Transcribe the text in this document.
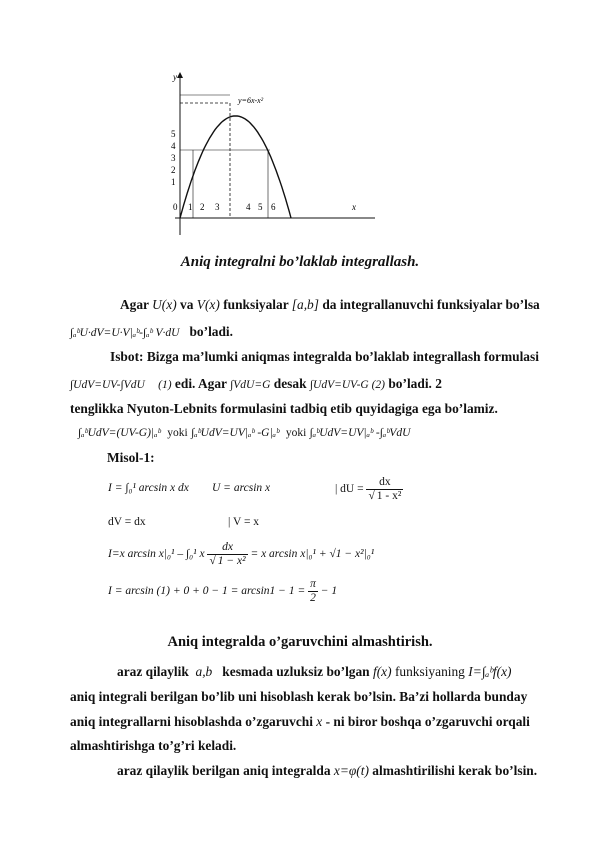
y
x
y=6x-x²
5
4
3
2
1
0 1 2 3	4 5 6
Aniq integralni bo’laklab integrallash.
Agar U(x) va V(x) funksiyalar [a,b] da integrallanuvchi funksiyalar bo’lsa
∫ₐᵇU·dV=U·V|ₐᵇ-∫ₐᵇ V·dU bo’ladi.
Isbot: Bizga ma’lumki aniqmas integralda bo’laklab integrallash formulasi
∫UdV=UV-∫VdU (1) edi. Agar ∫VdU=G desak ∫UdV=UV-G (2) bo’ladi. 2
tenglikka Nyuton-Lebnits formulasini tadbiq etib quyidagiga ega bo’lamiz.
∫ₐᵇUdV=(UV-G)|ₐᵇ yoki ∫ₐᵇUdV=UV|ₐᵇ -G|ₐᵇ yoki ∫ₐᵇUdV=UV|ₐᵇ -∫ₐᵇVdU
Misol-1:
I = ∫₀¹ arcsin x dx U = arcsin x	| dU = $\frac{dx}{\text{√ 1 - x²}}$
dV = dx	| V = x
I=x arcsin x|₀¹ – ∫₀¹ x $\frac{dx}{\text{√ 1 − x²}} = x$ arcsin x|₀¹ + √1 − x²|₀¹
$I = \arcsin (1) + 0 + 0 - 1 = \arcsin 1 - 1 = \frac{\pi}{2} - 1$
Aniq integralda o’garuvchini almashtirish.
araz qilaylik a,b kesmada uzluksiz bo’lgan f(x) funksiyaning I=∫ₐᵇf(x)
aniq integrali berilgan bo’lib uni hisoblash kerak bo’lsin. Ba’zi hollarda bunday
aniq integrallarni hisoblashda o’zgaruvchi x - ni biror boshqa o’zgaruvchi orqali
almashtirishga to’g’ri keladi.
araz qilaylik berilgan aniq integralda x=φ(t) almashtirilishi kerak bo’lsin.
